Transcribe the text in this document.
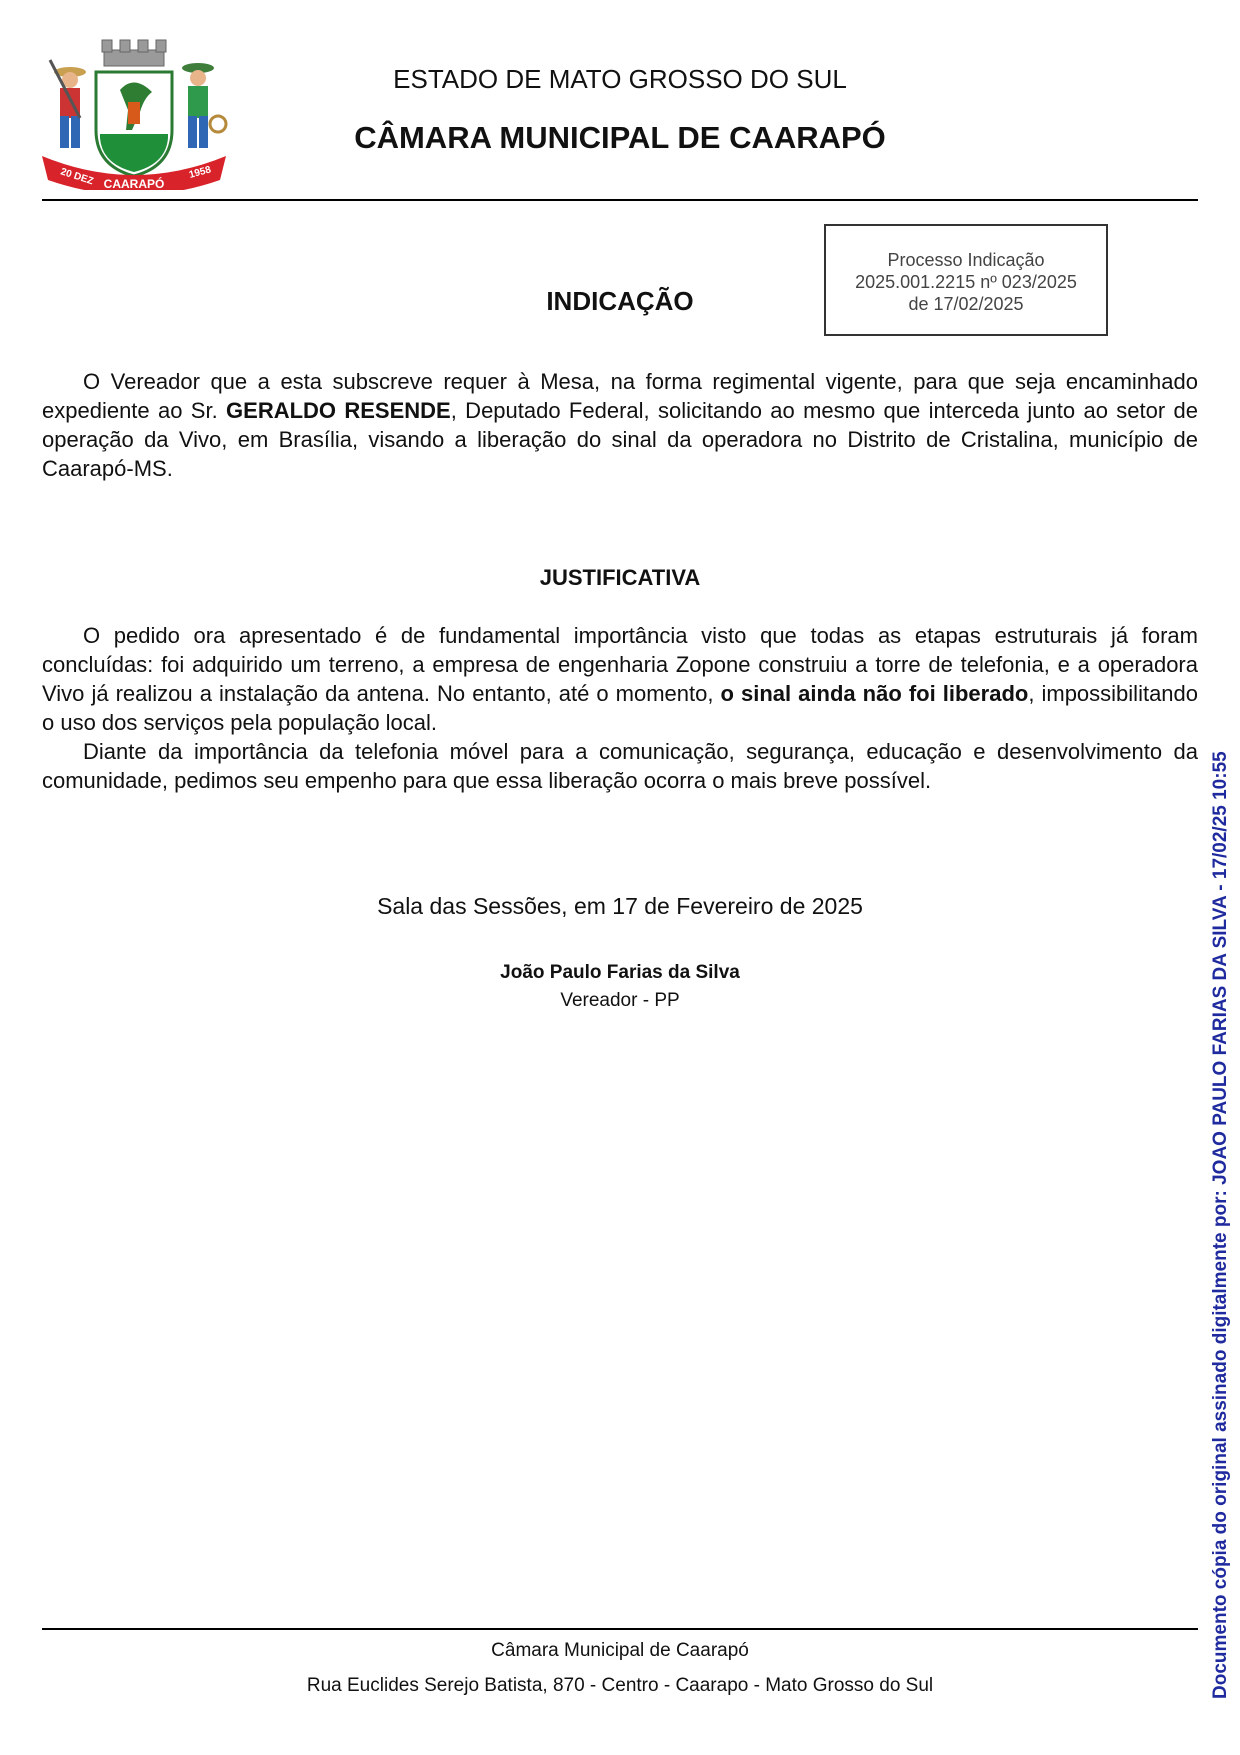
20 DEZ CAARAPÓ
1958
ESTADO DE MATO GROSSO DO SUL
CÂMARA MUNICIPAL DE CAARAPÓ
Processo Indicação
2025.001.2215 nº 023/2025
de 17/02/2025
INDICAÇÃO

O Vereador que a esta subscreve requer à Mesa, na forma regimental vigente, para que seja encaminhado expediente ao Sr. GERALDO RESENDE, Deputado Federal, solicitando ao mesmo que interceda junto ao setor de operação da Vivo, em Brasília, visando a liberação do sinal da operadora no Distrito de Cristalina, município de Caarapó-MS.

JUSTIFICATIVA

O pedido ora apresentado é de fundamental importância visto que todas as etapas estruturais já foram concluídas: foi adquirido um terreno, a empresa de engenharia Zopone construiu a torre de telefonia, e a operadora Vivo já realizou a instalação da antena. No entanto, até o momento, o sinal ainda não foi liberado, impossibilitando o uso dos serviços pela população local.

Diante da importância da telefonia móvel para a comunicação, segurança, educação e desenvolvimento da comunidade, pedimos seu empenho para que essa liberação ocorra o mais breve possível.

Sala das Sessões, em 17 de Fevereiro de 2025
João Paulo Farias da Silva
Vereador - PP
Câmara Municipal de Caarapó
Rua Euclides Serejo Batista, 870 - Centro - Caarapo - Mato Grosso do Sul	Documento cópia do original assinado digitalmente por: JOAO PAULO FARIAS DA SILVA - 17/02/25 10:55
